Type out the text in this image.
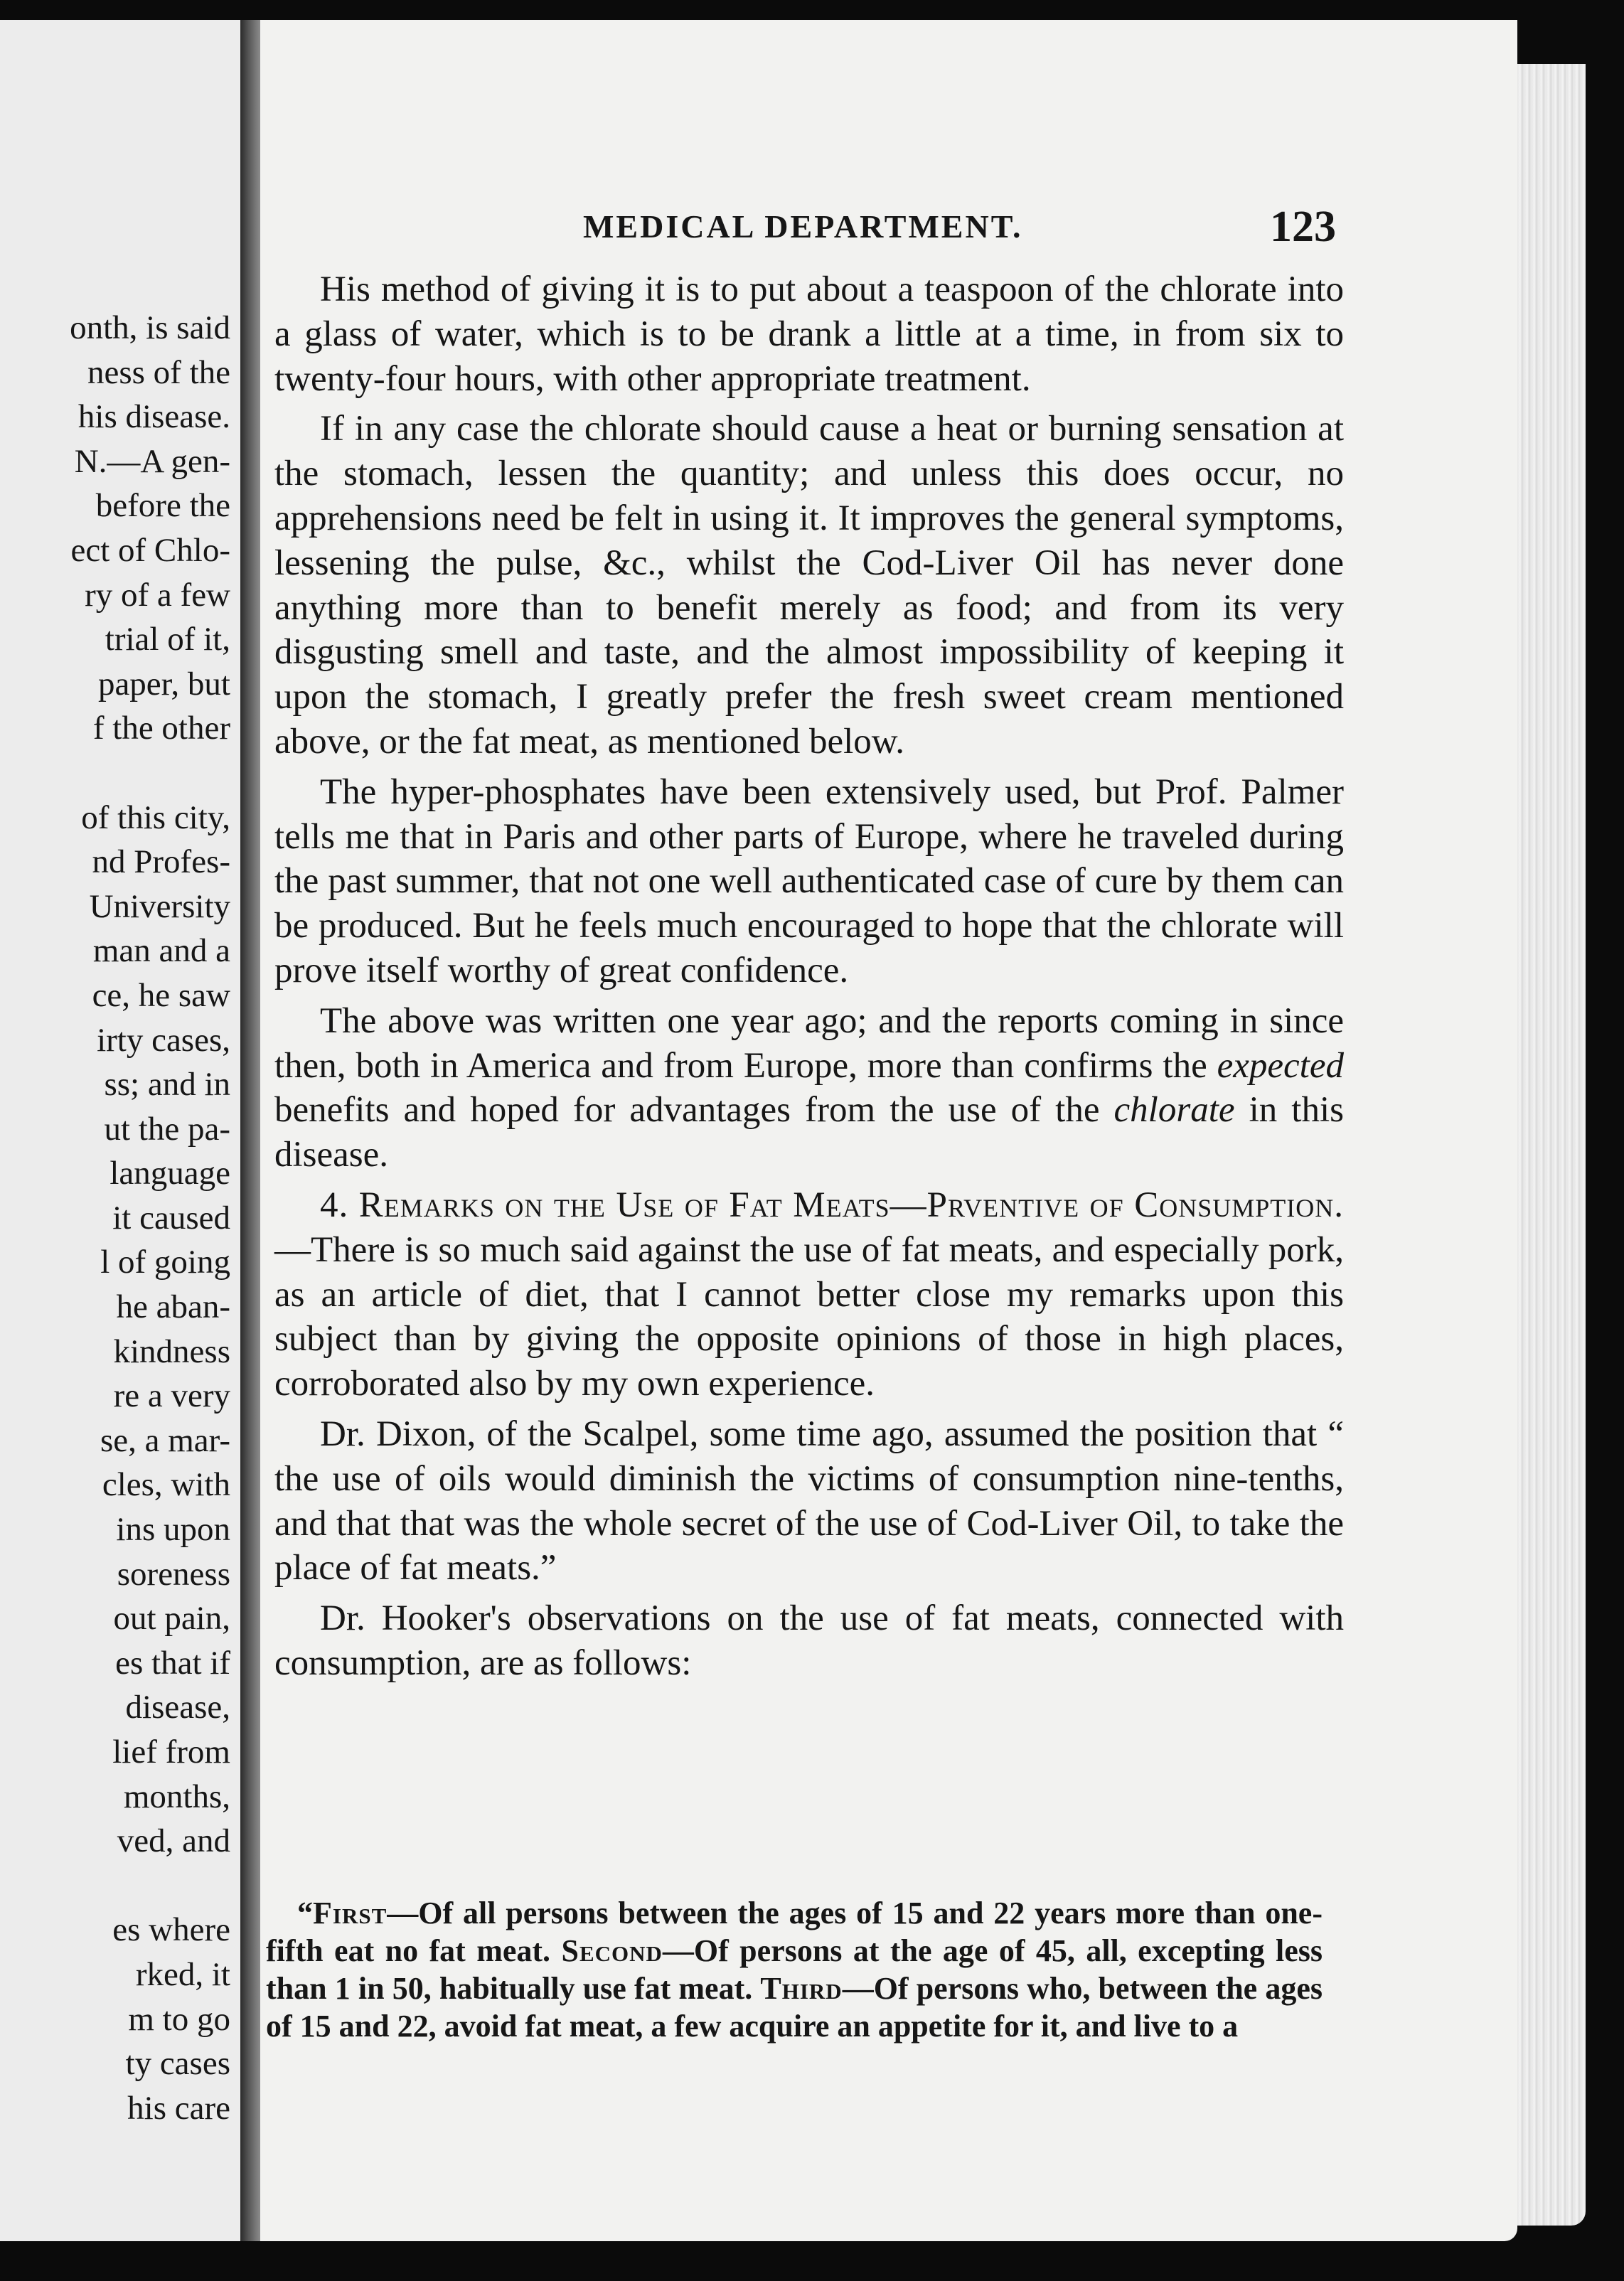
onth, is said
ness of the
his disease.
N.—A gen-
before the
ect of Chlo-
ry of a few
trial of it,
paper, but
f the other
of this city,
nd Profes-
University
man and a
ce, he saw
irty cases,
ss; and in
ut the pa-
language
it caused
l of going
he aban-
kindness
re a very
se, a mar-
cles, with
ins upon
soreness
out pain,
es that if
disease,
lief from
months,
ved, and
es where
rked, it
m to go
ty cases
his care
MEDICAL DEPARTMENT.	123

His method of giving it is to put about a teaspoon of the chlorate into a glass of water, which is to be drank a little at a time, in from six to twenty-four hours, with other appropriate treatment.

If in any case the chlorate should cause a heat or burning sensation at the stomach, lessen the quantity; and unless this does occur, no apprehensions need be felt in using it. It improves the general symptoms, lessening the pulse, &c., whilst the Cod-Liver Oil has never done anything more than to benefit merely as food; and from its very disgusting smell and taste, and the almost impossibility of keeping it upon the stomach, I greatly prefer the fresh sweet cream mentioned above, or the fat meat, as mentioned below.

The hyper-phosphates have been extensively used, but Prof. Palmer tells me that in Paris and other parts of Europe, where he traveled during the past summer, that not one well authenticated case of cure by them can be produced. But he feels much encouraged to hope that the chlorate will prove itself worthy of great confidence.

The above was written one year ago; and the reports coming in since then, both in America and from Europe, more than confirms the expected benefits and hoped for advantages from the use of the chlorate in this disease.

4. Remarks on the Use of Fat Meats—Prventive of Consumption.—There is so much said against the use of fat meats, and especially pork, as an article of diet, that I cannot better close my remarks upon this subject than by giving the opposite opinions of those in high places, corroborated also by my own experience.

Dr. Dixon, of the Scalpel, some time ago, assumed the position that “ the use of oils would diminish the victims of consumption nine-tenths, and that that was the whole secret of the use of Cod-Liver Oil, to take the place of fat meats.”

Dr. Hooker's observations on the use of fat meats, connected with consumption, are as follows:

“First—Of all persons between the ages of 15 and 22 years more than one-fifth eat no fat meat. Second—Of persons at the age of 45, all, excepting less than 1 in 50, habitually use fat meat. Third—Of persons who, between the ages of 15 and 22, avoid fat meat, a few acquire an appetite for it, and live to a
